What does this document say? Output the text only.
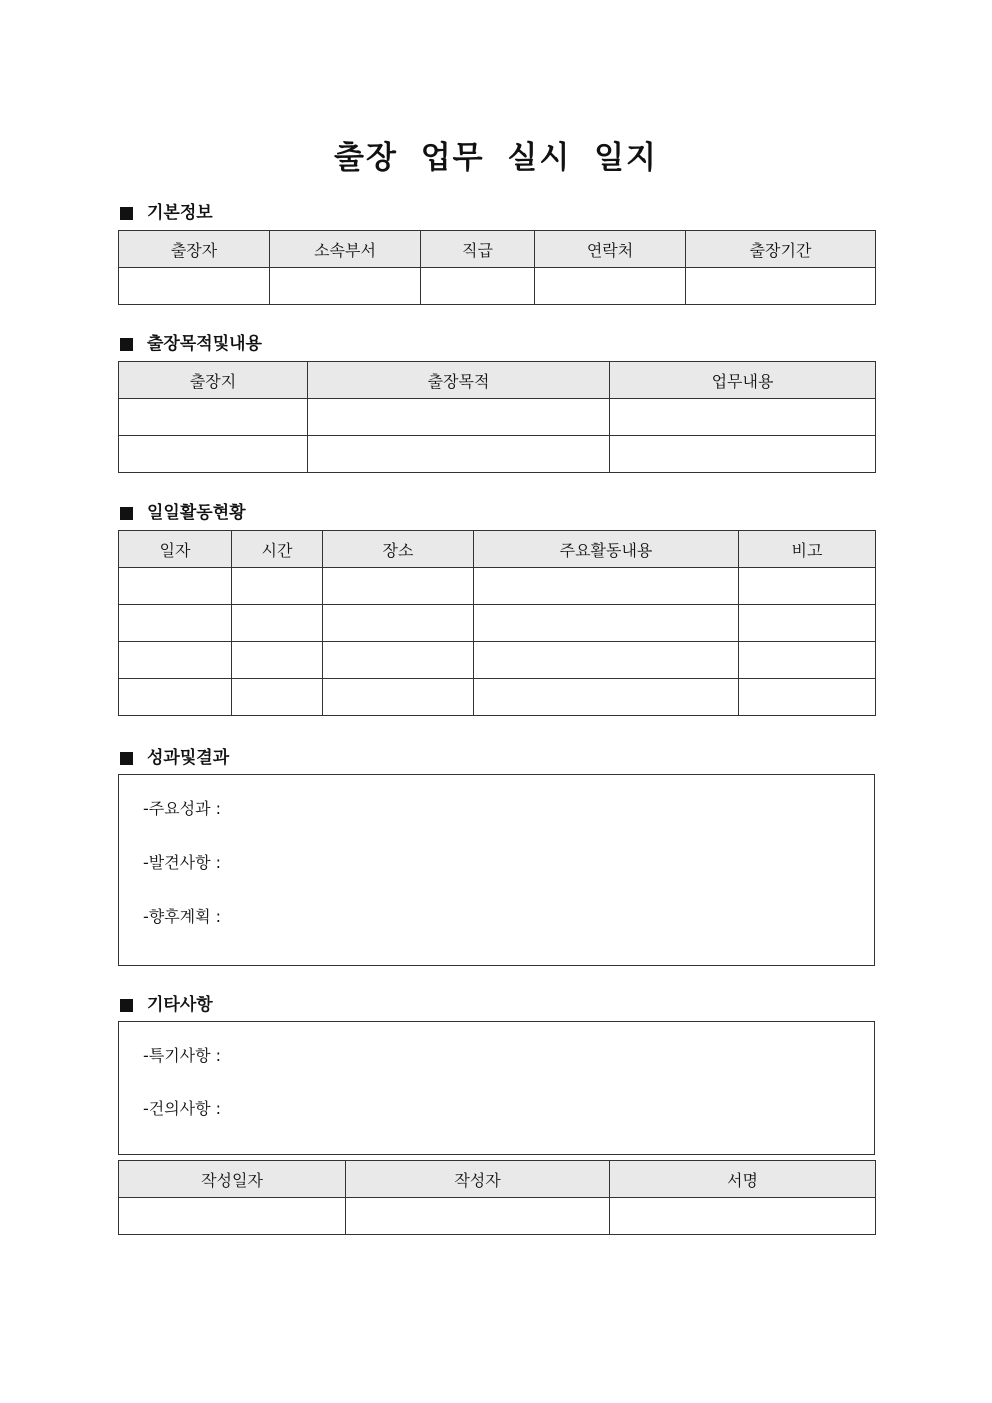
출장 업무 실시 일지
기본정보
출장자	소속부서	직급	연락처	출장기간

출장목적및내용
출장지	출장목적	업무내용

일일활동현황
일자	시간	장소	주요활동내용	비고

성과및결과
-주요성과 :
-발견사항 :
-향후계획 :
기타사항
-특기사항 :
-건의사항 :
작성일자	작성자	서명
